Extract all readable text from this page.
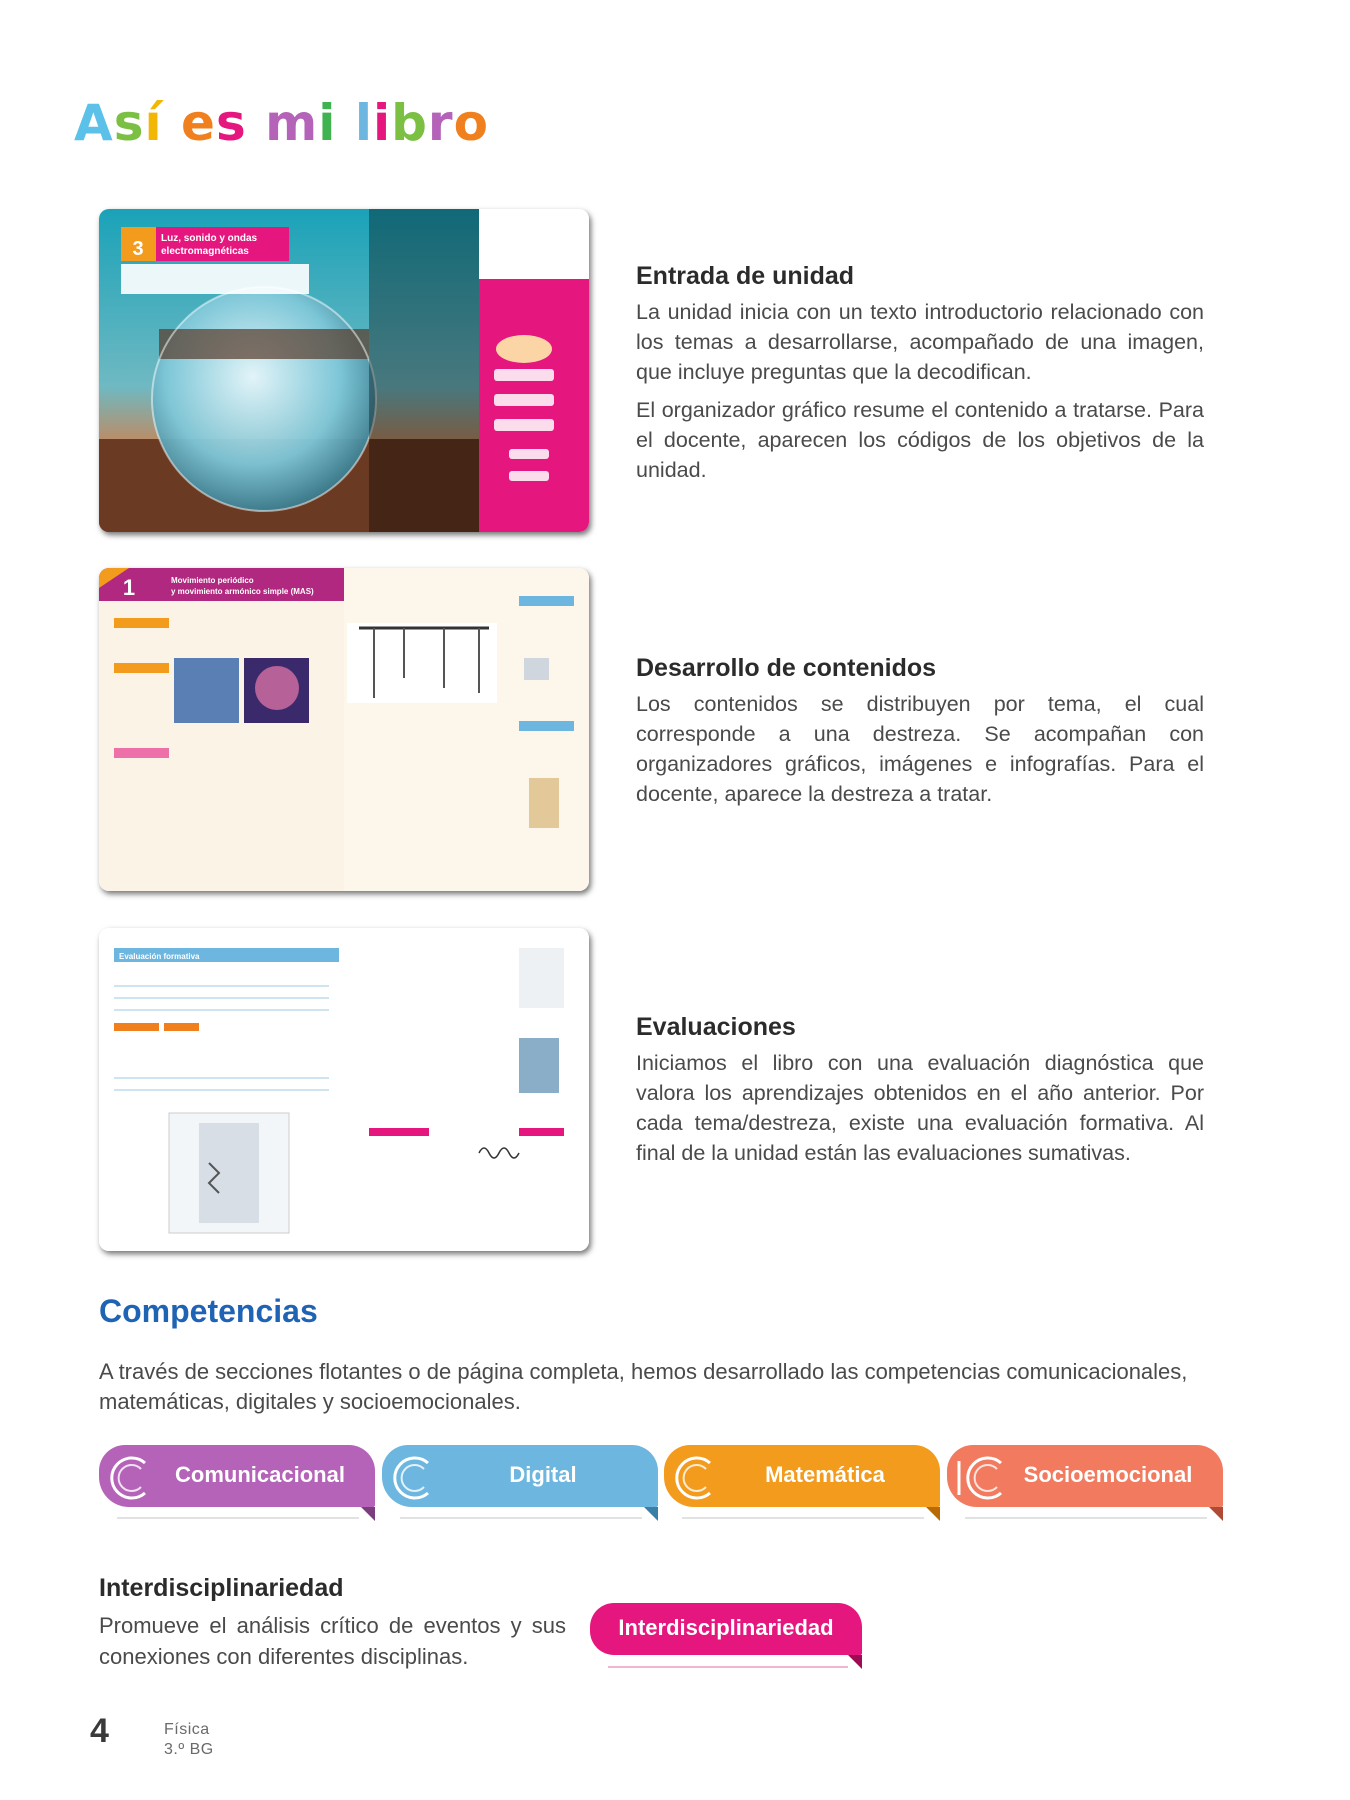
Así es mi libro
3 Luz, sonido y ondas
electromagnéticas
1	Movimiento periódico
y movimiento armónico simple (MAS)
Evaluación formativa
Entrada de unidad

La unidad inicia con un texto introductorio relacionado con los temas a desarrollarse, acompañado de una imagen, que incluye preguntas que la decodifican.

El organizador gráfico resume el contenido a tratarse. Para el docente, aparecen los códigos de los objetivos de la unidad.

Desarrollo de contenidos

Los contenidos se distribuyen por tema, el cual corresponde a una destreza. Se acompañan con organizadores gráficos, imágenes e infografías. Para el docente, aparece la destreza a tratar.

Evaluaciones

Iniciamos el libro con una evaluación diagnóstica que valora los aprendizajes obtenidos en el año anterior. Por cada tema/destreza, existe una evaluación formativa. Al final de la unidad están las evaluaciones sumativas.

Competencias

A través de secciones flotantes o de página completa, hemos desarrollado las competencias comunicacionales, matemáticas, digitales y socioemocionales.

Comunicacional	Digital	Matemática	Socioemocional
Interdisciplinariedad

Promueve el análisis crítico de eventos y sus conexiones con diferentes disciplinas.

Interdisciplinariedad
4	Física
3.º BG
